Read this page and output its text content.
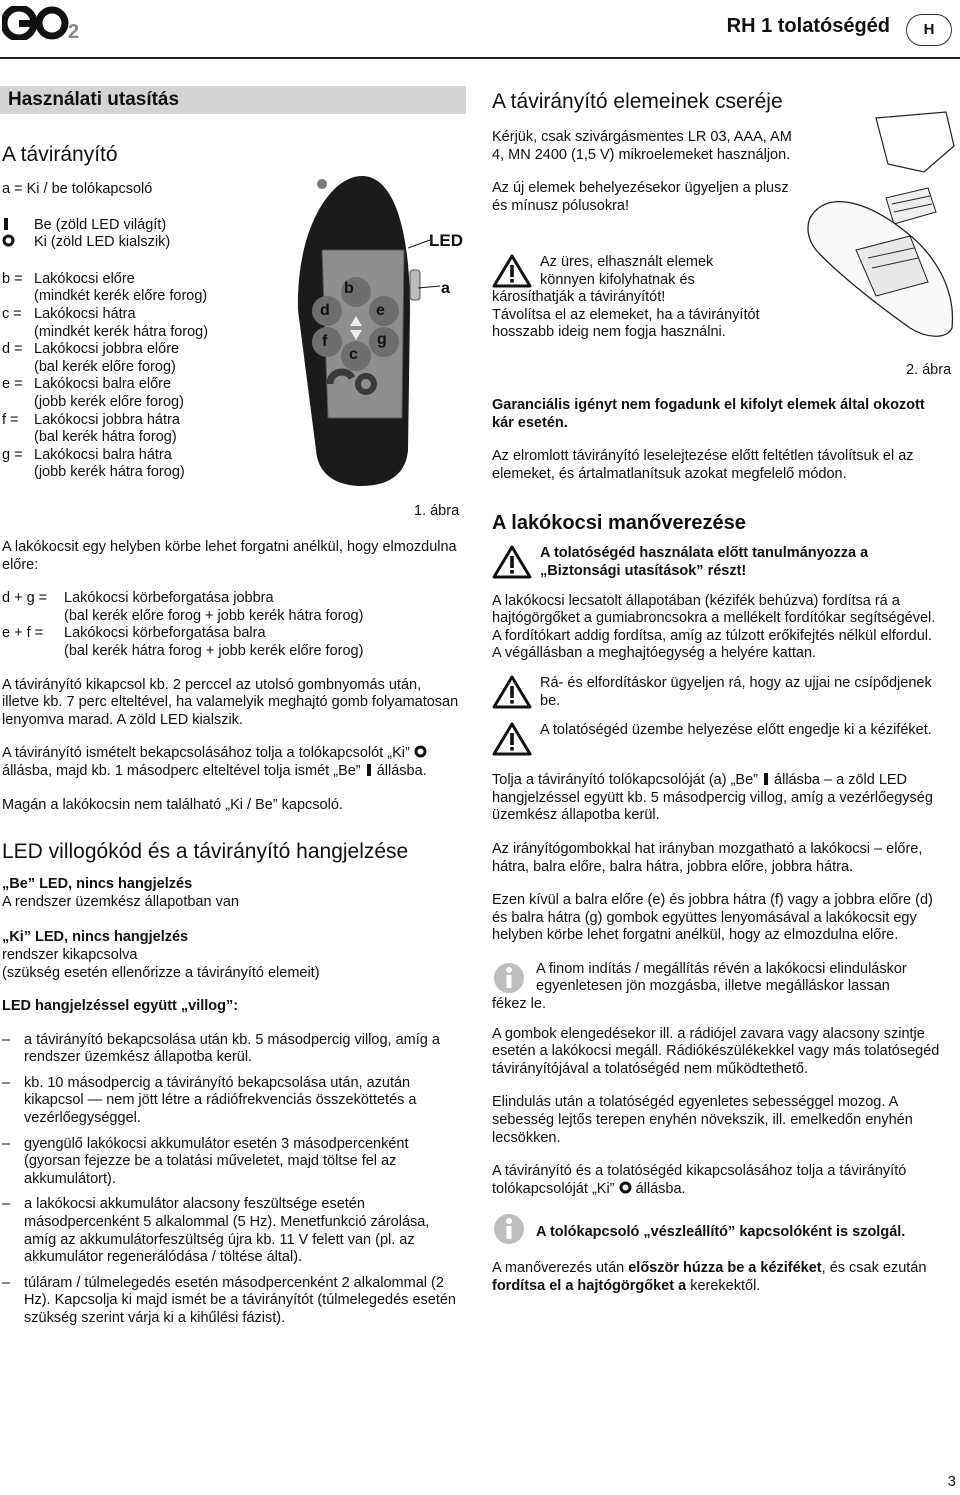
2	RH 1 tolatóségéd	H
Használati utasítás
A távirányító

a = Ki / be tolókapcsoló

Be (zöld LED világít)
Ki (zöld LED kialszik)
b = Lakókocsi előre
(mindkét kerék előre forog)
c = Lakókocsi hátra
(mindkét kerék hátra forog)
d = Lakókocsi jobbra előre
(bal kerék előre forog)
e = Lakókocsi balra előre
(jobb kerék előre forog)
f =	Lakókocsi jobbra hátra
(bal kerék hátra forog)
g = Lakókocsi balra hátra
(jobb kerék hátra forog)
b
d	e
f	g
c
LED
a
1. ábra

A lakókocsit egy helyben körbe lehet forgatni anélkül, hogy elmozdulna előre:

d + g =	Lakókocsi körbeforgatása jobbra
(bal kerék előre forog + jobb kerék hátra forog)
e + f =	Lakókocsi körbeforgatása balra
(bal kerék hátra forog + jobb kerék előre forog)

A távirányító kikapcsol kb. 2 perccel az utolsó gombnyomás után, illetve kb. 7 perc elteltével, ha valamelyik meghajtó gomb folyamatosan lenyomva marad. A zöld LED kialszik.

A távirányító ismételt bekapcsolásához tolja a tolókapcsolót „Ki”  állásba, majd kb. 1 másodperc elteltével tolja ismét „Be” állásba.

Magán a lakókocsin nem található „Ki / Be” kapcsoló.

LED villogókód és a távirányító hangjelzése

„Be” LED, nincs hangjelzés

A rendszer üzemkész állapotban van

„Ki” LED, nincs hangjelzés

rendszer kikapcsolva

(szükség esetén ellenőrizze a távirányító elemeit)

LED hangjelzéssel együtt „villog”:

– a távirányító bekapcsolása után kb. 5 másodpercig villog, amíg a rendszer üzemkész állapotba kerül.
– kb. 10 másodpercig a távirányító bekapcsolása után, azután kikapcsol — nem jött létre a rádiófrekvenciás összeköttetés a vezérlőegységgel.
– gyengülő lakókocsi akkumulátor esetén 3 másodpercenként (gyorsan fejezze be a tolatási műveletet, majd töltse fel az akkumulátort).
– a lakókocsi akkumulátor alacsony feszültsége esetén másodpercenként 5 alkalommal (5 Hz). Menetfunkció zárolása, amíg az akkumulátorfeszültség újra kb. 11 V felett van (pl. az akkumulátor regenerálódása / töltése által).
– túláram / túlmelegedés esetén másodpercenként 2 alkalommal (2 Hz). Kapcsolja ki majd ismét be a távirányítót (túlmelegedés esetén szükség szerint várja ki a kihűlési fázist).
A távirányító elemeinek cseréje
2. ábra

Kérjük, csak szivárgásmentes LR 03, AAA, AM 4, MN 2400 (1,5 V) mikroelemeket használjon.

Az új elemek behelyezésekor ügyeljen a plusz és mínusz pólusokra!

Az üres, elhasznált elemek
könnyen kifolyhatnak és

károsíthatják a távirányítót!

Távolítsa el az elemeket, ha a távirányítót hosszabb ideig nem fogja használni.

Garanciális igényt nem fogadunk el kifolyt elemek által okozott kár esetén.

Az elromlott távirányító leselejtezése előtt feltétlen távolítsuk el az elemeket, és ártalmatlanítsuk azokat megfelelő módon.

A lakókocsi manőverezése
A tolatóségéd használata előtt tanulmányozza a „Biztonsági utasítások” részt!

A lakókocsi lecsatolt állapotában (kézifék behúzva) fordítsa rá a hajtógörgőket a gumiabroncsokra a mellékelt fordítókar segítségével. A fordítókart addig fordítsa, amíg az túlzott erőkifejtés nélkül elfordul. A végállásban a meghajtóegység a helyére kattan.

Rá- és elfordításkor ügyeljen rá, hogy az ujjai ne csípődjenek be.
A tolatóségéd üzembe helyezése előtt engedje ki a kéziféket.

Tolja a távirányító tolókapcsolóját (a) „Be” állásba – a zöld LED hangjelzéssel együtt kb. 5 másodpercig villog, amíg a vezérlőegység üzemkész állapotba kerül.

Az irányítógombokkal hat irányban mozgatható a lakókocsi – előre, hátra, balra előre, balra hátra, jobbra előre, jobbra hátra.

Ezen kívül a balra előre (e) és jobbra hátra (f) vagy a jobbra előre (d) és balra hátra (g) gombok együttes lenyomásával a lakókocsit egy helyben körbe lehet forgatni anélkül, hogy az elmozdulna előre.

A finom indítás / megállítás révén a lakókocsi elinduláskor
egyenletesen jön mozgásba, illetve megálláskor lassan

fékez le.

A gombok elengedésekor ill. a rádiójel zavara vagy alacsony szintje esetén a lakókocsi megáll. Rádiókészülékekkel vagy más tolatósegéd távirányítójával a tolatóségéd nem működtethető.

Elindulás után a tolatóségéd egyenletes sebességgel mozog. A sebesség lejtős terepen enyhén növekszik, ill. emelkedőn enyhén lecsökken.

A távirányító és a tolatóségéd kikapcsolásához tolja a távirányító tolókapcsolóját „Ki” állásba.

A tolókapcsoló „vészleállító” kapcsolóként is szolgál.

A manőverezés után először húzza be a kéziféket, és csak ezután fordítsa el a hajtógörgőket a kerekektől.

3
